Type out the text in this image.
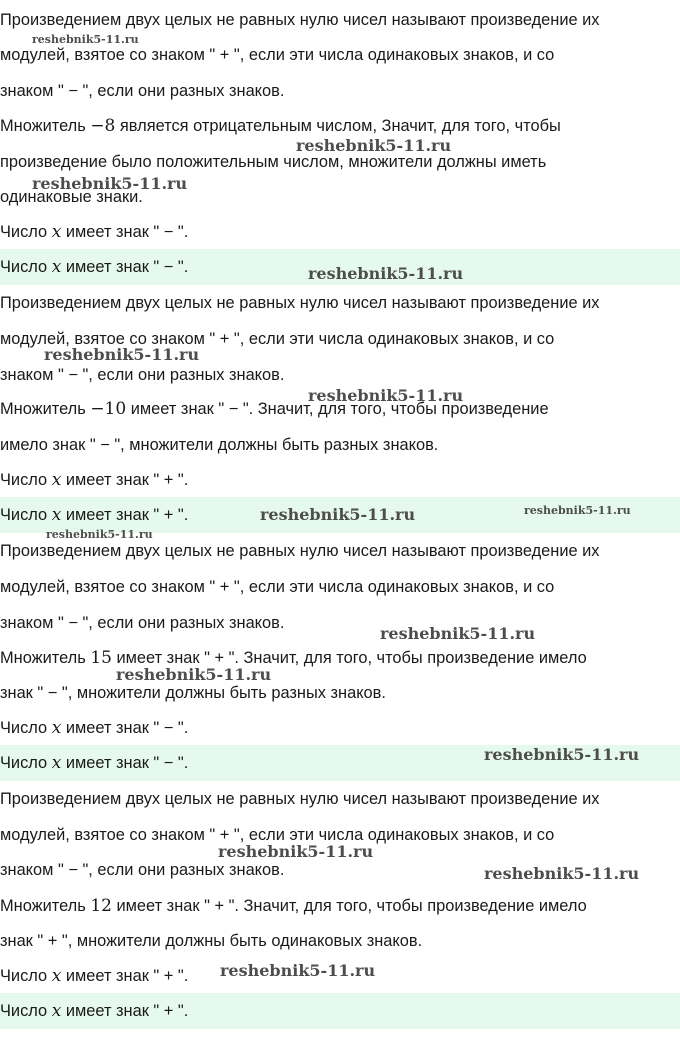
Произведением двух целых не равных нулю чисел называют произведение их
модулей, взятое со знаком " + ", если эти числа одинаковых знаков, и со
знаком " − ", если они разных знаков.
Множитель −8 является отрицательным числом, Значит, для того, чтобы
произведение было положительным числом, множители должны иметь
одинаковые знаки.
Число x имеет знак " − ".
Число x имеет знак " − ".
Произведением двух целых не равных нулю чисел называют произведение их
модулей, взятое со знаком " + ", если эти числа одинаковых знаков, и со
знаком " − ", если они разных знаков.
Множитель −10 имеет знак " − ". Значит, для того, чтобы произведение
имело знак " − ", множители должны быть разных знаков.
Число x имеет знак " + ".
Число x имеет знак " + ".
Произведением двух целых не равных нулю чисел называют произведение их
модулей, взятое со знаком " + ", если эти числа одинаковых знаков, и со
знаком " − ", если они разных знаков.
Множитель 15 имеет знак " + ". Значит, для того, чтобы произведение имело
знак " − ", множители должны быть разных знаков.
Число x имеет знак " − ".
Число x имеет знак " − ".
Произведением двух целых не равных нулю чисел называют произведение их
модулей, взятое со знаком " + ", если эти числа одинаковых знаков, и со
знаком " − ", если они разных знаков.
Множитель 12 имеет знак " + ". Значит, для того, чтобы произведение имело
знак " + ", множители должны быть одинаковых знаков.
Число x имеет знак " + ".
Число x имеет знак " + ".
reshebnik5-11.ru
reshebnik5-11.ru
reshebnik5-11.ru
reshebnik5-11.ru
reshebnik5-11.ru
reshebnik5-11.ru
reshebnik5-11.ru	reshebnik5-11.ru
reshebnik5-11.ru
reshebnik5-11.ru
reshebnik5-11.ru
reshebnik5-11.ru
reshebnik5-11.ru
reshebnik5-11.ru
reshebnik5-11.ru
